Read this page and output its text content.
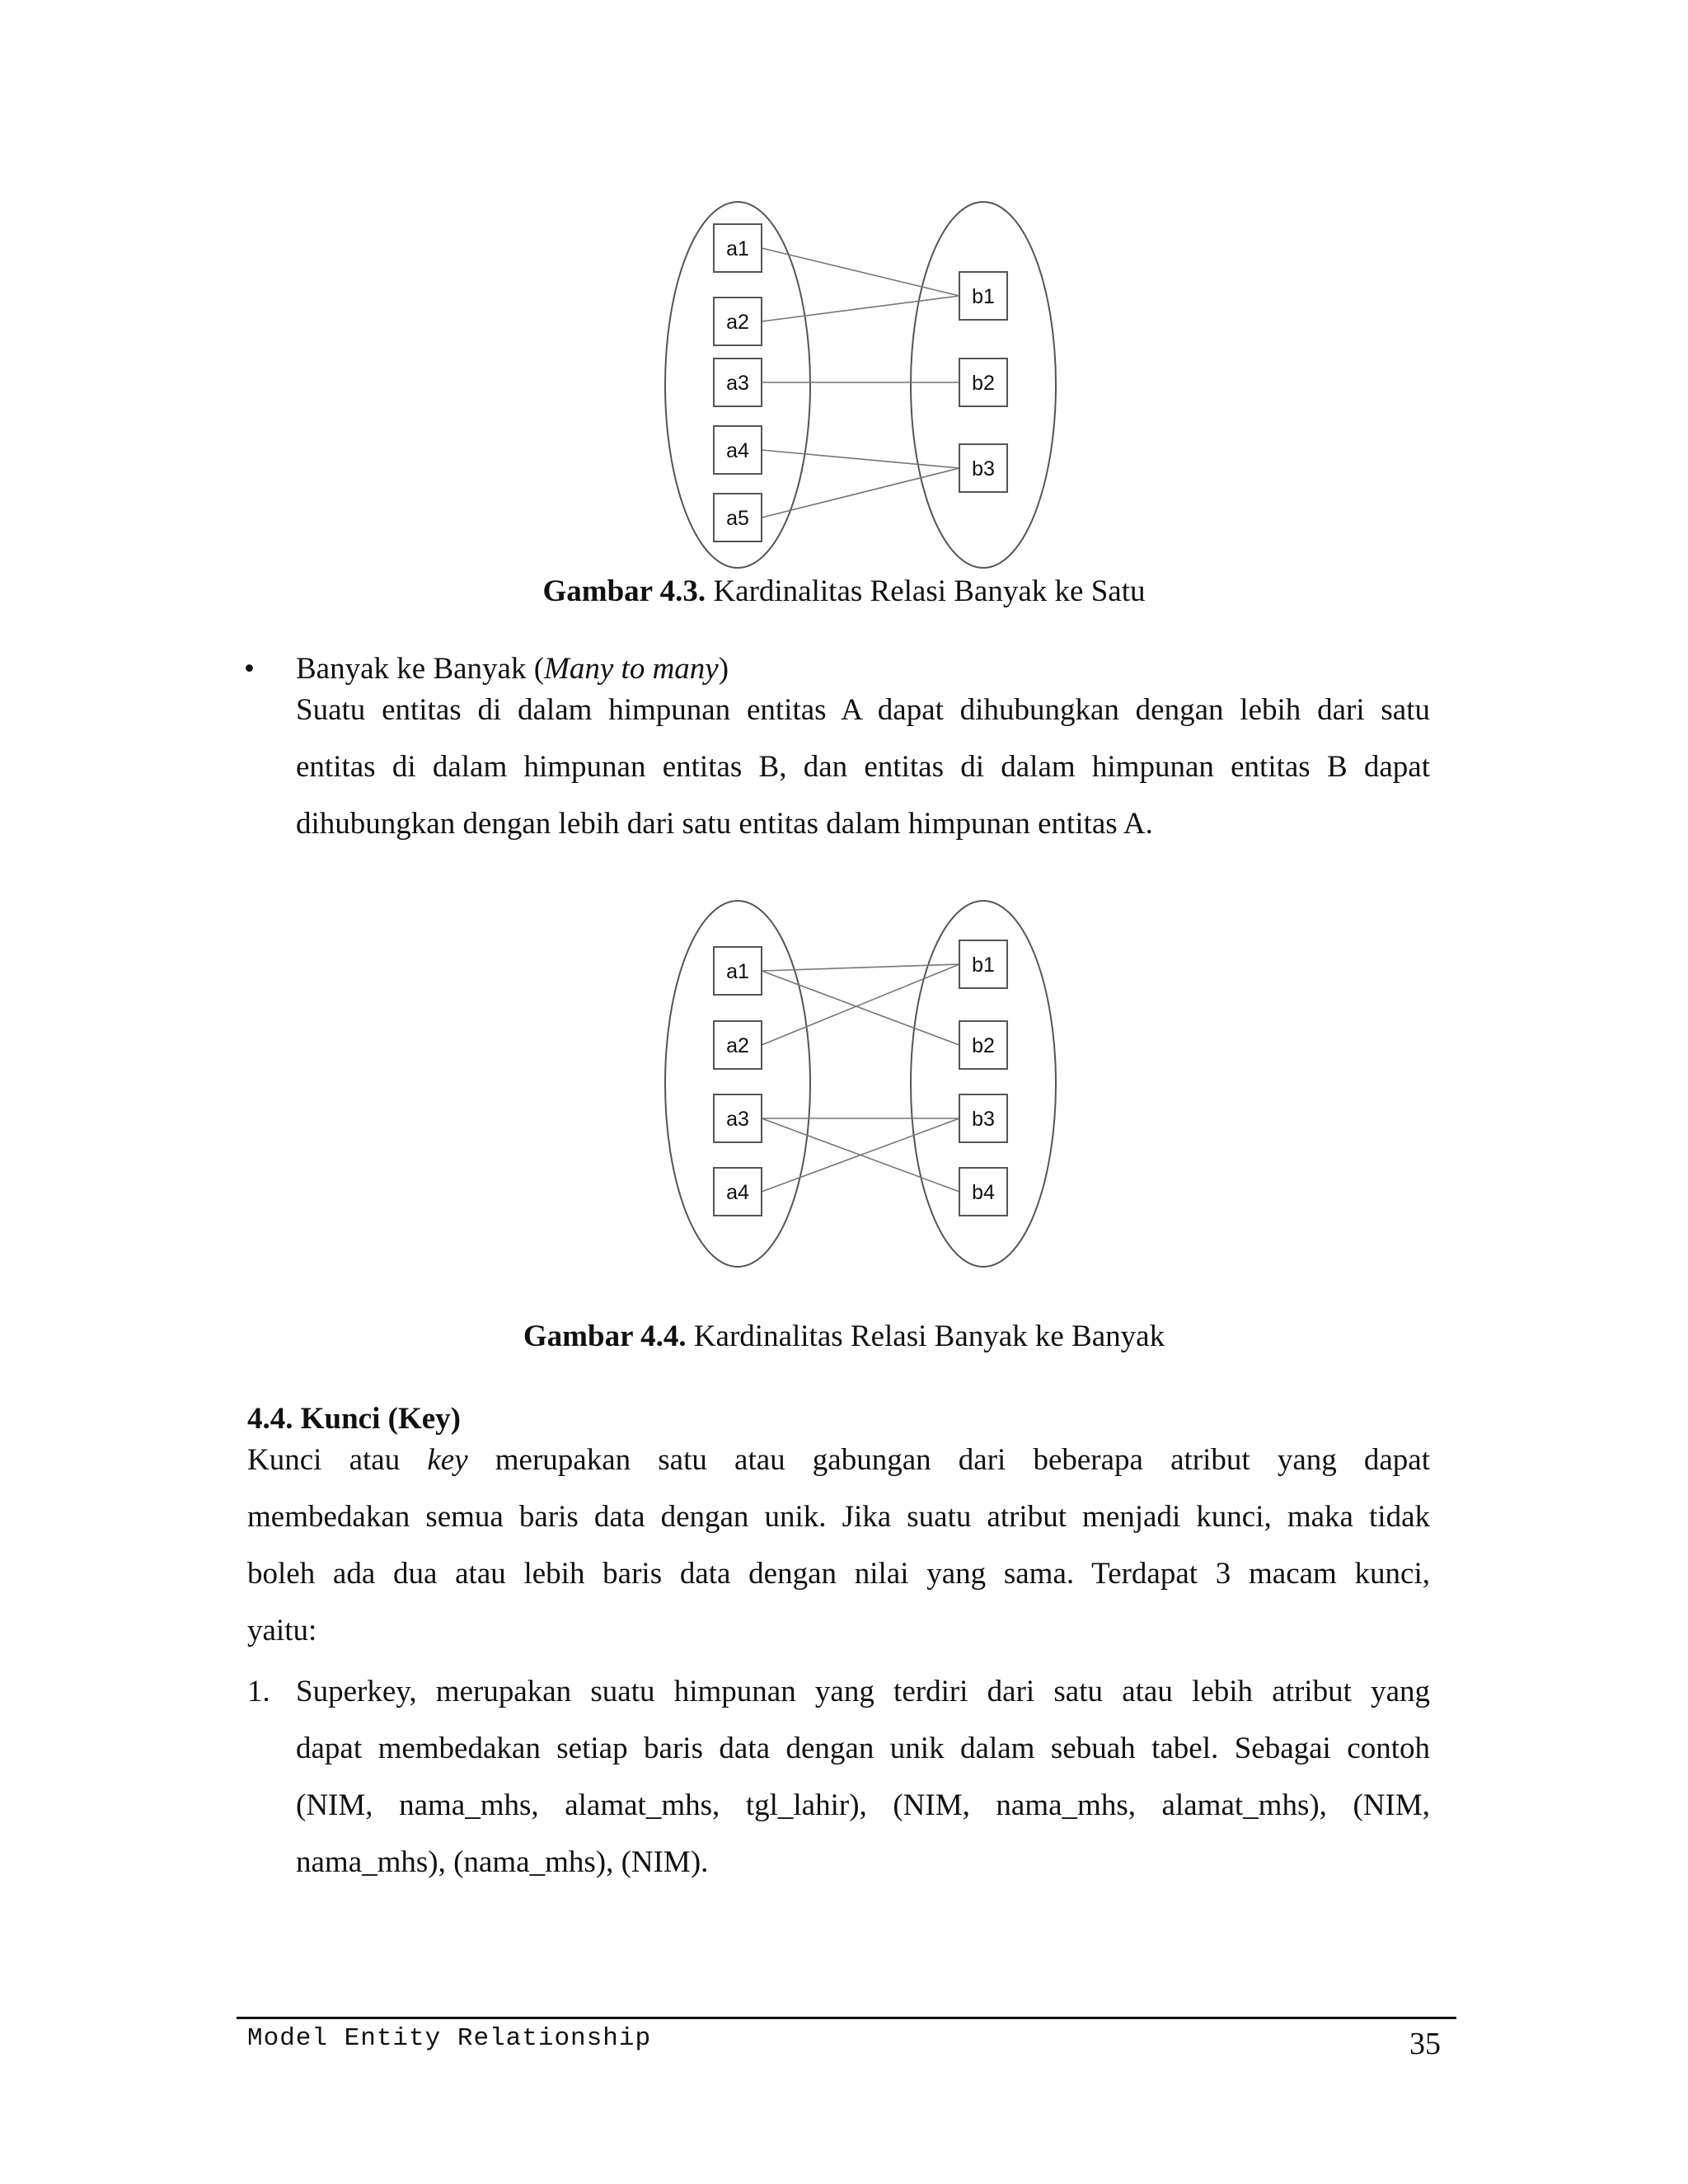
a1
a2
a3
a4
a5
b1
b2
b3
Gambar 4.3. Kardinalitas Relasi Banyak ke Satu
• Banyak ke Banyak (Many to many)
Suatu entitas di dalam himpunan entitas A dapat dihubungkan dengan lebih dari satu
entitas di dalam himpunan entitas B, dan entitas di dalam himpunan entitas B dapat
dihubungkan dengan lebih dari satu entitas dalam himpunan entitas A.
a1
a2
a3
a4
b1
b2
b3
b4
Gambar 4.4. Kardinalitas Relasi Banyak ke Banyak
4.4. Kunci (Key)
Kunci atau key merupakan satu atau gabungan dari beberapa atribut yang dapat
membedakan semua baris data dengan unik. Jika suatu atribut menjadi kunci, maka tidak
boleh ada dua atau lebih baris data dengan nilai yang sama. Terdapat 3 macam kunci,
yaitu:
1. Superkey, merupakan suatu himpunan yang terdiri dari satu atau lebih atribut yang
dapat membedakan setiap baris data dengan unik dalam sebuah tabel. Sebagai contoh
(NIM, nama_mhs, alamat_mhs, tgl_lahir), (NIM, nama_mhs, alamat_mhs), (NIM,
nama_mhs), (nama_mhs), (NIM).
Model Entity Relationship	35
